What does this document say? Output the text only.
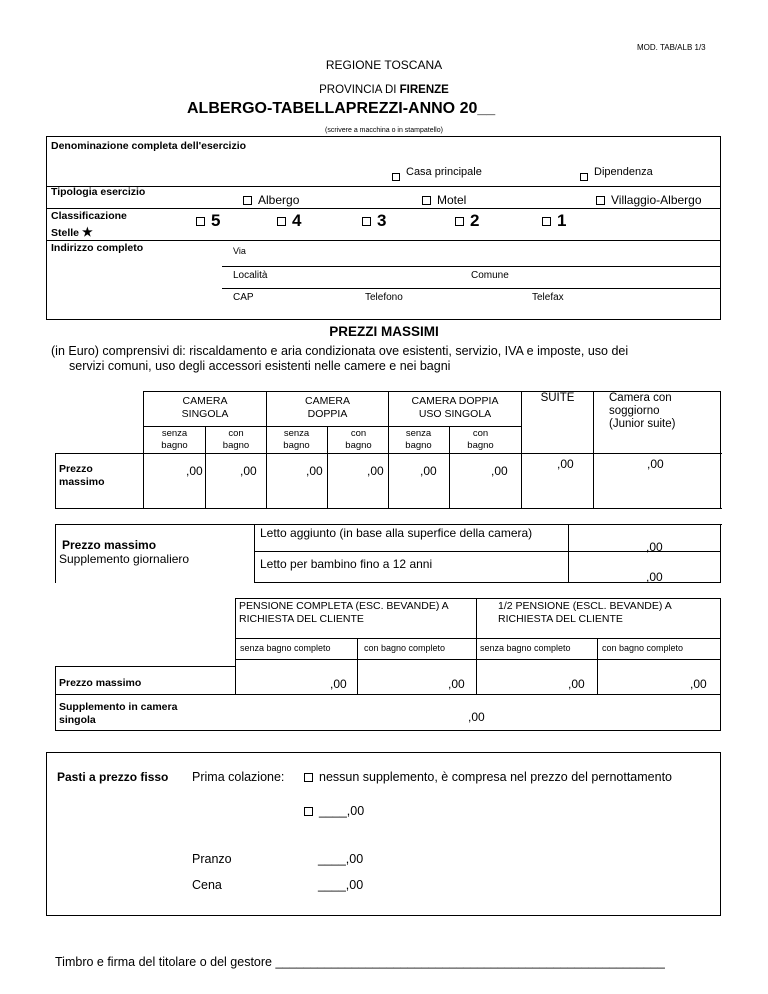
MOD. TAB/ALB 1/3
REGIONE TOSCANA
PROVINCIA DI FIRENZE
ALBERGO-TABELLAPREZZI-ANNO 20__
(scrivere a macchina o in stampatello)
Denominazione completa dell'esercizio
Casa principale	Dipendenza
Tipologia esercizio
Albergo	Motel	Villaggio-Albergo
Classificazione
Stelle ★
5	4	3	2	1
Indirizzo completo	Via
Località	Comune
CAP	Telefono	Telefax
PREZZI MASSIMI
(in Euro) comprensivi di: riscaldamento e aria condizionata ove esistenti, servizio, IVA e imposte, uso dei
servizi comuni, uso degli accessori esistenti nelle camere e nei bagni
CAMERA
SINGOLA
CAMERA
DOPPIA
CAMERA DOPPIA
USO SINGOLA
SUITE	Camera con
soggiorno
(Junior suite)
senza
bagno
con
bagno
senza
bagno
con
bagno
senza
bagno
con
bagno
Prezzo
massimo
,00	,00	,00	,00	,00	,00	,00	,00
Prezzo massimo
Supplemento giornaliero
Letto aggiunto (in base alla superfice della camera)
,00
Letto per bambino fino a 12 anni
,00
PENSIONE COMPLETA (ESC. BEVANDE) A
RICHIESTA DEL CLIENTE
1/2 PENSIONE (ESCL. BEVANDE) A
RICHIESTA DEL CLIENTE
senza bagno completo	con bagno completo	senza bagno completo	con bagno completo
Prezzo massimo	,00	,00	,00	,00
Supplemento in camera
singola	,00
Pasti a prezzo fisso Prima colazione:	nessun supplemento, è compresa nel prezzo del pernottamento
____,00
Pranzo	____,00
Cena	____,00
Timbro e firma del titolare o del gestore ________________________________________________________
